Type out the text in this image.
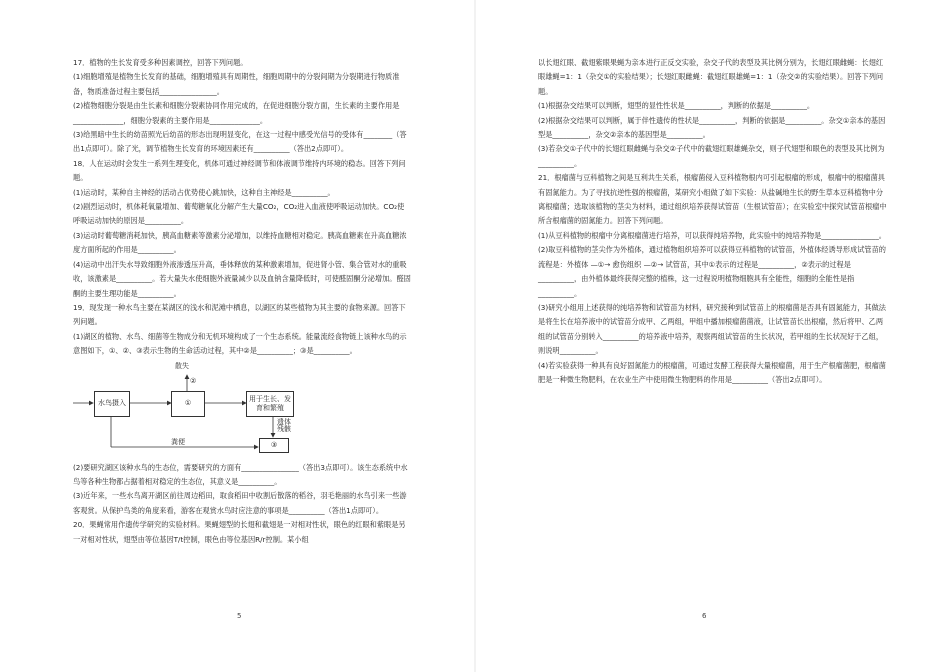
17．植物的生长发育受多种因素调控，回答下列问题。

(1)细胞增殖是植物生长发育的基础，细胞增殖具有周期性，细胞周期中的分裂间期为分裂期进行物质准备，物质准备过程主要包括________________。

(2)植物细胞分裂是由生长素和细胞分裂素协同作用完成的，在促进细胞分裂方面，生长素的主要作用是______________，细胞分裂素的主要作用是______________。

(3)给黑暗中生长的幼苗照光后幼苗的形态出现明显变化，在这一过程中感受光信号的受体有________（答出1点即可）。除了光，调节植物生长发育的环境因素还有__________（答出2点即可）。

18．人在运动时会发生一系列生理变化，机体可通过神经调节和体液调节维持内环境的稳态。回答下列问题。

(1)运动时，某种自主神经的活动占优势使心跳加快，这种自主神经是__________。

(2)剧烈运动时，机体耗氧量增加、葡萄糖氧化分解产生大量CO₂，CO₂进入血液使呼吸运动加快。CO₂使呼吸运动加快的原因是__________。

(3)运动时葡萄糖消耗加快，胰高血糖素等激素分泌增加，以维持血糖相对稳定。胰高血糖素在升高血糖浓度方面所起的作用是__________。

(4)运动中出汗失水导致细胞外液渗透压升高，垂体释放的某种激素增加，促进肾小管、集合管对水的重吸收，该激素是__________。若大量失水使细胞外液量减少以及血钠含量降低时，可使醛固酮分泌增加。醛固酮的主要生理功能是__________。

19．现发现一种水鸟主要在某湖区的浅水和泥滩中栖息，以湖区的某些植物为其主要的食物来源。回答下列问题。

(1)湖区的植物、水鸟、细菌等生物成分和无机环境构成了一个生态系统。能量流经食物链上该种水鸟的示意图如下，①、②、③表示生物的生命活动过程，其中②是__________；③是__________。

水鸟摄入	①
用于生长、发育和繁殖
③
散失
②
遗体残骸
粪便

(2)要研究湖区该种水鸟的生态位，需要研究的方面有________________（答出3点即可）。该生态系统中水鸟等各种生物都占据着相对稳定的生态位，其意义是__________。

(3)近年来，一些水鸟离开湖区前往周边稻田，取食稻田中收割后散落的稻谷，羽毛艳丽的水鸟引来一些游客观赏。从保护鸟类的角度来看，游客在观赏水鸟时应注意的事项是__________（答出1点即可）。

20．果蝇常用作遗传学研究的实验材料。果蝇翅型的长翅和截翅是一对相对性状，眼色的红眼和紫眼是另一对相对性状，翅型由等位基因T/t控制，眼色由等位基因R/r控制。某小组

5

以长翅红眼、截翅紫眼果蝇为亲本进行正反交实验，杂交子代的表型及其比例分别为，长翅红眼雌蝇：长翅红眼雄蝇=1：1（杂交①的实验结果）；长翅红眼雌蝇：截翅红眼雄蝇=1：1（杂交②的实验结果）。回答下列问题。

(1)根据杂交结果可以判断，翅型的显性性状是__________，判断的依据是__________。

(2)根据杂交结果可以判断，属于伴性遗传的性状是__________，判断的依据是__________。杂交①亲本的基因型是__________，杂交②亲本的基因型是__________。

(3)若杂交①子代中的长翅红眼雌蝇与杂交②子代中的截翅红眼雄蝇杂交，则子代翅型和眼色的表型及其比例为__________。

21．根瘤菌与豆科植物之间是互利共生关系，根瘤菌侵入豆科植物根内可引起根瘤的形成，根瘤中的根瘤菌具有固氮能力。为了寻找抗逆性强的根瘤菌，某研究小组做了如下实验：从盐碱地生长的野生草本豆科植物中分离根瘤菌；选取该植物的茎尖为材料，通过组织培养获得试管苗（生根试管苗）；在实验室中探究试管苗根瘤中所含根瘤菌的固氮能力。回答下列问题。

(1)从豆科植物的根瘤中分离根瘤菌进行培养，可以获得纯培养物，此实验中的纯培养物是________________。

(2)取豆科植物的茎尖作为外植体，通过植物组织培养可以获得豆科植物的试管苗，外植体经诱导形成试管苗的流程是：外植体 —①→ 愈伤组织 —②→ 试管苗，其中①表示的过程是__________，②表示的过程是__________，由外植体最终获得完整的植株，这一过程说明植物细胞具有全能性，细胞的全能性是指__________。

(3)研究小组用上述获得的纯培养物和试管苗为材料，研究接种到试管苗上的根瘤菌是否具有固氮能力，其做法是将生长在培养液中的试管苗分成甲、乙两组，甲组中播加根瘤菌菌液，让试管苗长出根瘤，然后将甲、乙两组的试管苗分别转入__________的培养液中培养，观察两组试管苗的生长状况，若甲组的生长状况好于乙组，则说明__________。

(4)若实验获得一种具有良好固氮能力的根瘤菌，可通过发酵工程获得大量根瘤菌，用于生产根瘤菌肥，根瘤菌肥是一种微生物肥料，在农业生产中使用微生物肥料的作用是__________（答出2点即可）。

6
